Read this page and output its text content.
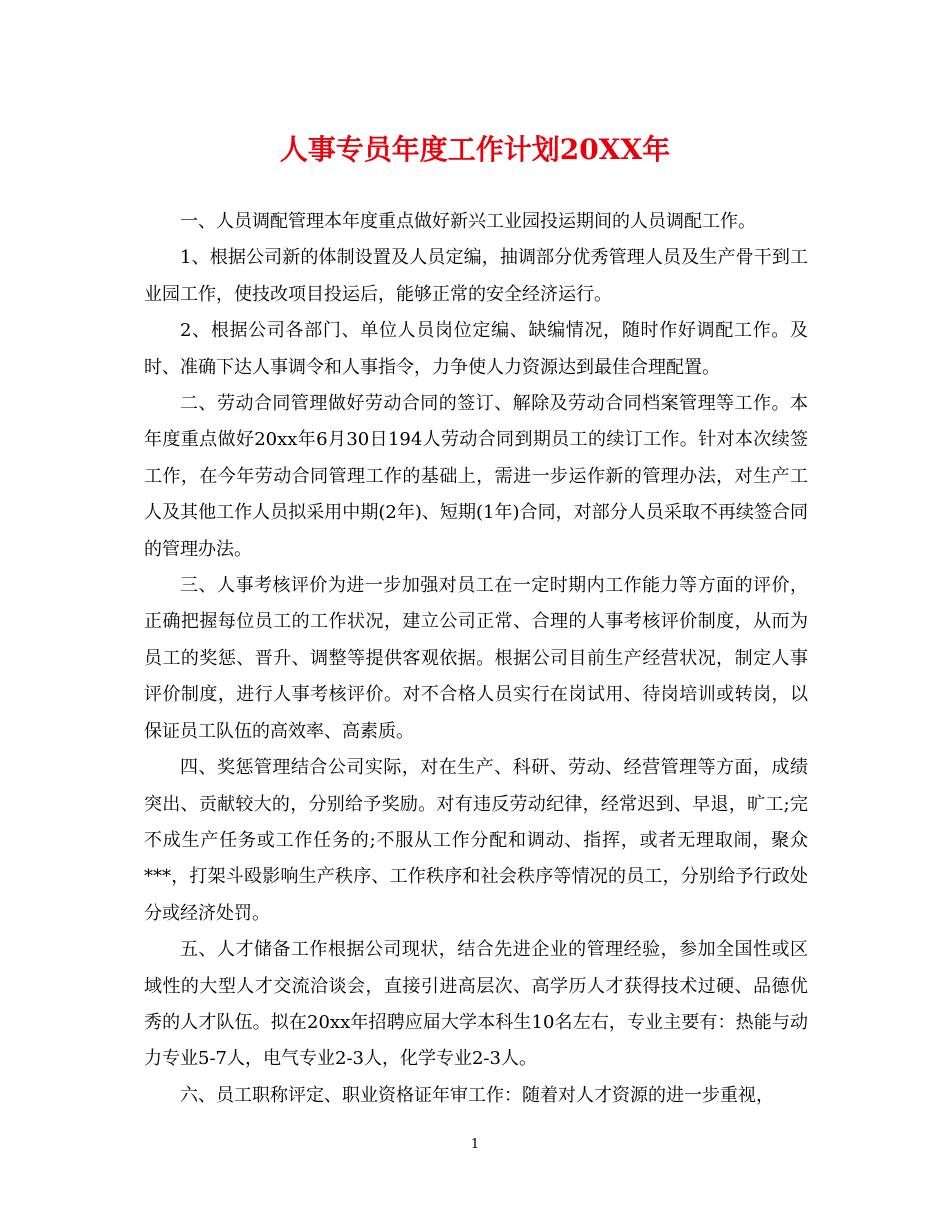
人事专员年度工作计划20XX年

一、人员调配管理本年度重点做好新兴工业园投运期间的人员调配工作。

1、根据公司新的体制设置及人员定编，抽调部分优秀管理人员及生产骨干到工业园工作，使技改项目投运后，能够正常的安全经济运行。

2、根据公司各部门、单位人员岗位定编、缺编情况，随时作好调配工作。及时、准确下达人事调令和人事指令，力争使人力资源达到最佳合理配置。

二、劳动合同管理做好劳动合同的签订、解除及劳动合同档案管理等工作。本年度重点做好20xx年6月30日194人劳动合同到期员工的续订工作。针对本次续签工作，在今年劳动合同管理工作的基础上，需进一步运作新的管理办法，对生产工人及其他工作人员拟采用中期(2年)、短期(1年)合同，对部分人员采取不再续签合同的管理办法。

三、人事考核评价为进一步加强对员工在一定时期内工作能力等方面的评价，正确把握每位员工的工作状况，建立公司正常、合理的人事考核评价制度，从而为员工的奖惩、晋升、调整等提供客观依据。根据公司目前生产经营状况，制定人事评价制度，进行人事考核评价。对不合格人员实行在岗试用、待岗培训或转岗，以保证员工队伍的高效率、高素质。

四、奖惩管理结合公司实际，对在生产、科研、劳动、经营管理等方面，成绩突出、贡献较大的，分别给予奖励。对有违反劳动纪律，经常迟到、早退，旷工;完不成生产任务或工作任务的;不服从工作分配和调动、指挥，或者无理取闹，聚众***，打架斗殴影响生产秩序、工作秩序和社会秩序等情况的员工，分别给予行政处分或经济处罚。

五、人才储备工作根据公司现状，结合先进企业的管理经验，参加全国性或区域性的大型人才交流洽谈会，直接引进高层次、高学历人才获得技术过硬、品德优秀的人才队伍。拟在20xx年招聘应届大学本科生10名左右，专业主要有：热能与动力专业5-7人，电气专业2-3人，化学专业2-3人。

六、员工职称评定、职业资格证年审工作：随着对人才资源的进一步重视，

1
